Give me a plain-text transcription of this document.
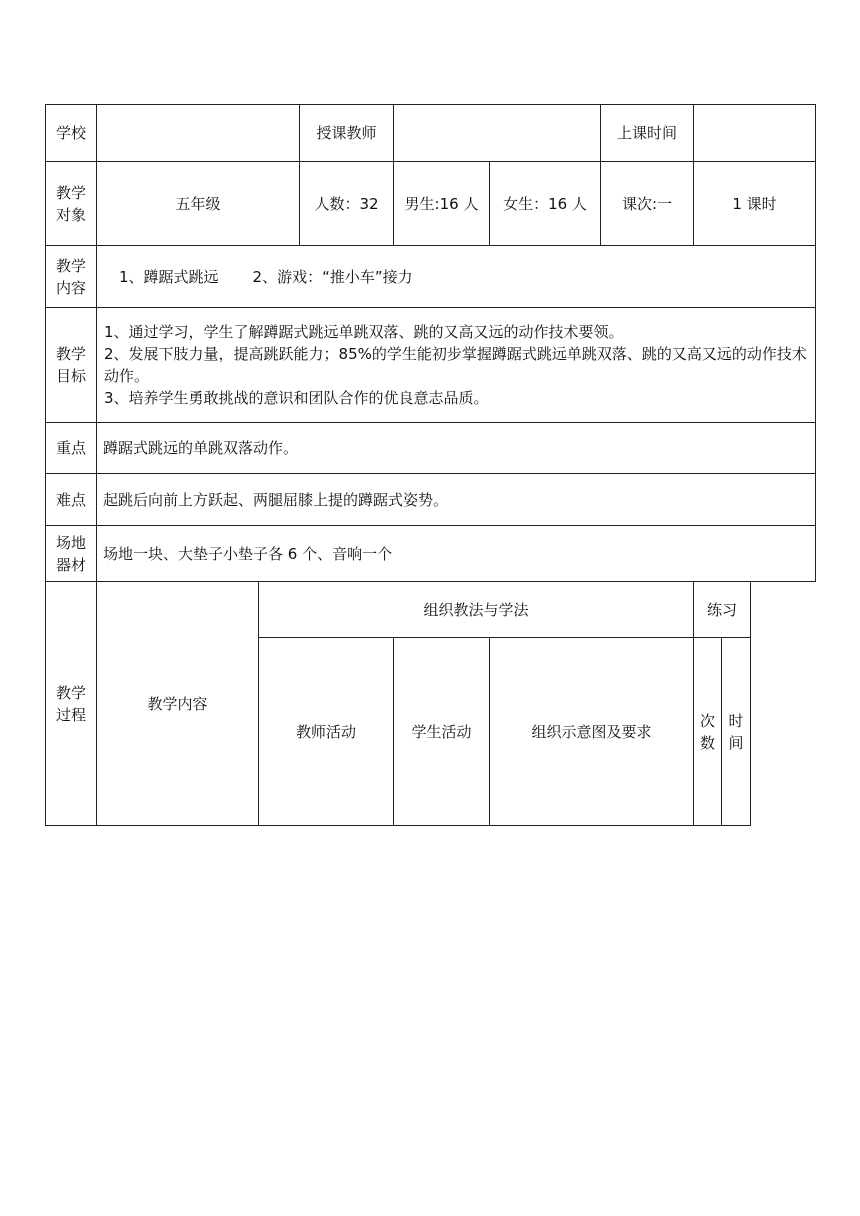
学校			授课教师			上课时间		
教学对象	五年级		人数：32	男生:16 人	女生：16 人	课次:一	1 课时	
教学内容	1、蹲踞式跳远 2、游戏：“推小车”接力							
教学目标	1、通过学习，学生了解蹲踞式跳远单跳双落、跳的又高又远的动作技术要领。
2、发展下肢力量，提高跳跃能力；85%的学生能初步掌握蹲踞式跳远单跳双落、跳的又高又远的动作技术动作。
3、培养学生勇敢挑战的意识和团队合作的优良意志品质。							

重点	蹲踞式跳远的单跳双落动作。							
难点	起跳后向前上方跃起、两腿屈膝上提的蹲踞式姿势。							
场地器材	场地一块、大垫子小垫子各 6 个、音响一个							
教学过程	教学内容	组织教法与学法					练习	
		教师活动		学生活动	组织示意图及要求		次数	时间
